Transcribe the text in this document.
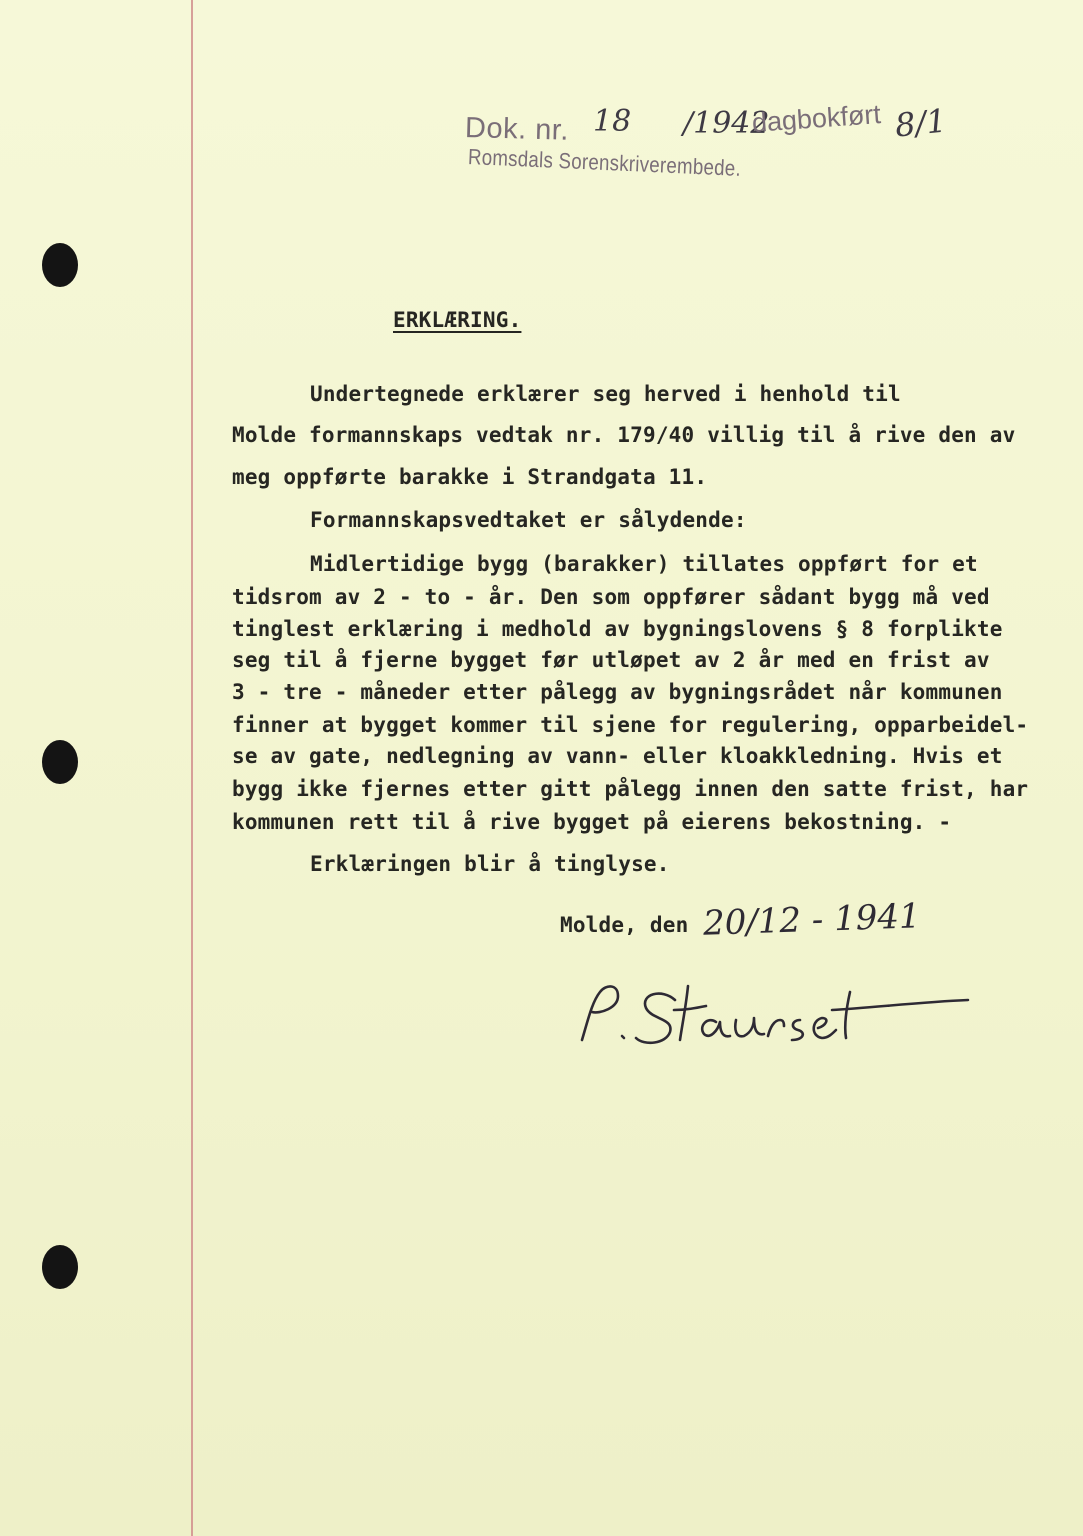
Dok. nr. 18 /1942
dagbokført 8/1
Romsdals Sorenskriverembede.
ERKLÆRING.
Undertegnede erklærer seg herved i henhold til
Molde formannskaps vedtak nr. 179/40 villig til å rive den av
meg oppførte barakke i Strandgata 11.
Formannskapsvedtaket er sålydende:
Midlertidige bygg (barakker) tillates oppført for et
tidsrom av 2 - to - år. Den som oppfører sådant bygg må ved
tinglest erklæring i medhold av bygningslovens § 8 forplikte
seg til å fjerne bygget før utløpet av 2 år med en frist av
3 - tre - måneder etter pålegg av bygningsrådet når kommunen
finner at bygget kommer til sjene for regulering, opparbeidel-
se av gate, nedlegning av vann- eller kloakkledning. Hvis et
bygg ikke fjernes etter gitt pålegg innen den satte frist, har
kommunen rett til å rive bygget på eierens bekostning. -
Erklæringen blir å tinglyse.
Molde, den 20/12 - 1941
